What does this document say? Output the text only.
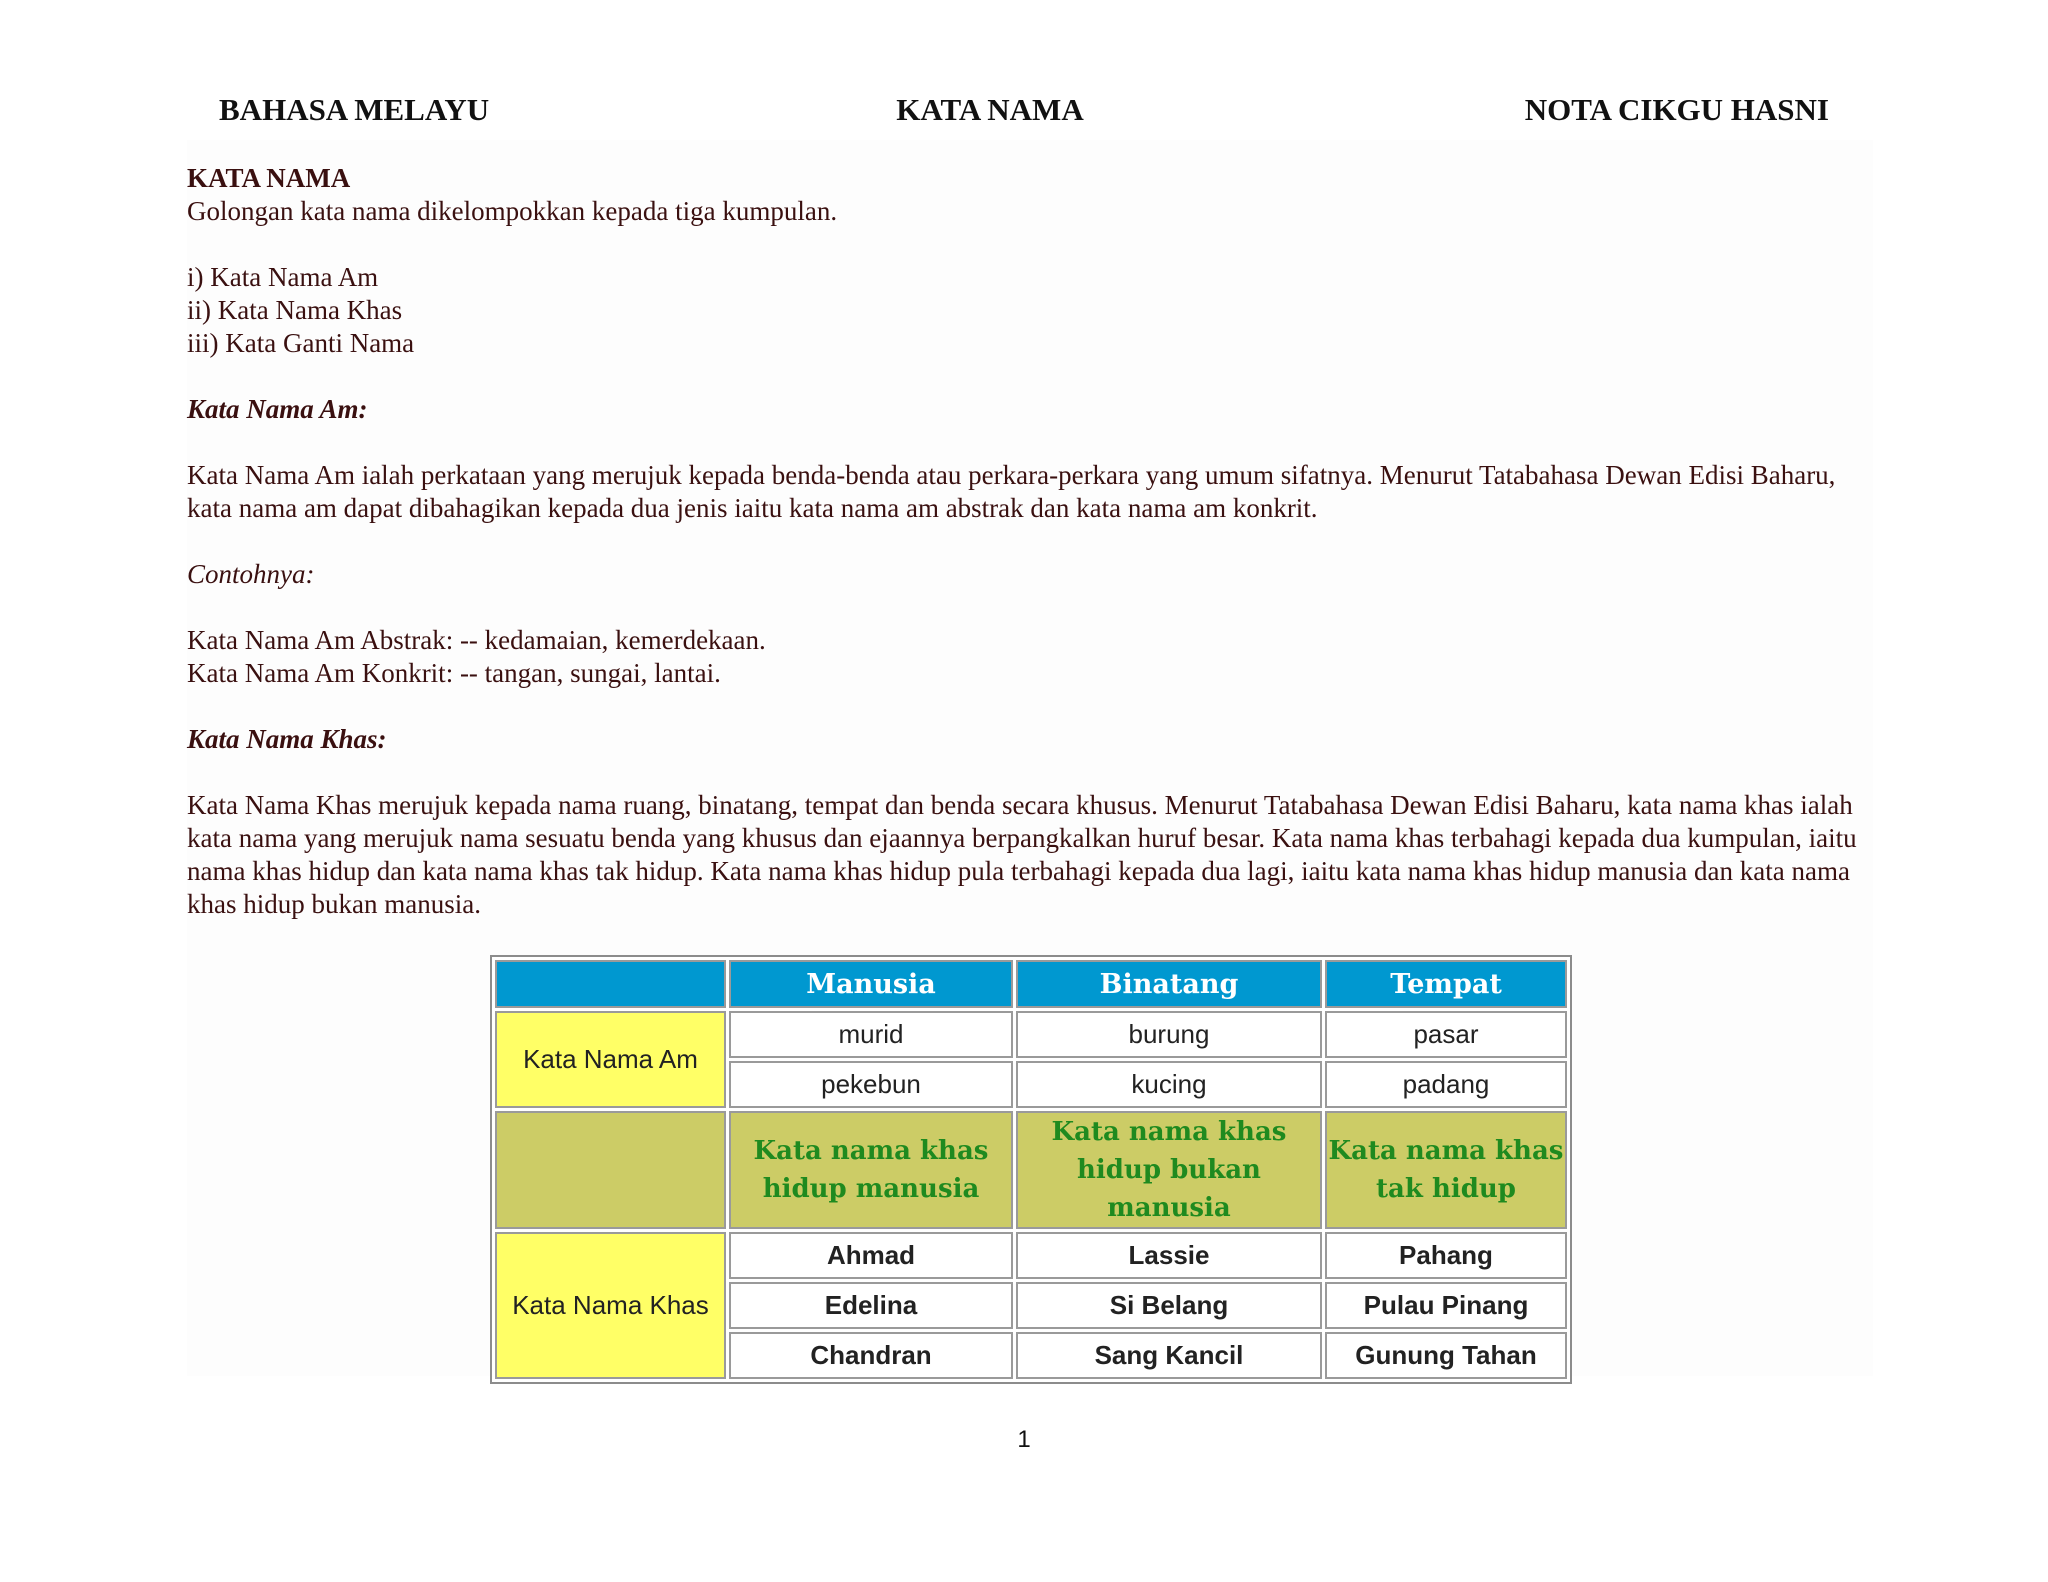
BAHASA MELAYU	KATA NAMA	NOTA CIKGU HASNI

KATA NAMA

Golongan kata nama dikelompokkan kepada tiga kumpulan.

i) Kata Nama Am

ii) Kata Nama Khas

iii) Kata Ganti Nama

Kata Nama Am:

Kata Nama Am ialah perkataan yang merujuk kepada benda-benda atau perkara-perkara yang umum sifatnya. Menurut Tatabahasa Dewan Edisi Baharu, kata nama am dapat dibahagikan kepada dua jenis iaitu kata nama am abstrak dan kata nama am konkrit.

Contohnya:

Kata Nama Am Abstrak: -- kedamaian, kemerdekaan.

Kata Nama Am Konkrit: -- tangan, sungai, lantai.

Kata Nama Khas:

Kata Nama Khas merujuk kepada nama ruang, binatang, tempat dan benda secara khusus. Menurut Tatabahasa Dewan Edisi Baharu, kata nama khas ialah kata nama yang merujuk nama sesuatu benda yang khusus dan ejaannya berpangkalkan huruf besar. Kata nama khas terbahagi kepada dua kumpulan, iaitu nama khas hidup dan kata nama khas tak hidup. Kata nama khas hidup pula terbahagi kepada dua lagi, iaitu kata nama khas hidup manusia dan kata nama khas hidup bukan manusia.

	Manusia	Binatang	Tempat
Kata Nama Am	murid	burung	pasar
	pekebun	kucing	padang
	Kata nama khas hidup manusia	Kata nama khas hidup bukan manusia	Kata nama khas tak hidup
Kata Nama Khas	Ahmad	Lassie	Pahang
	Edelina	Si Belang	Pulau Pinang
	Chandran	Sang Kancil	Gunung Tahan
1
